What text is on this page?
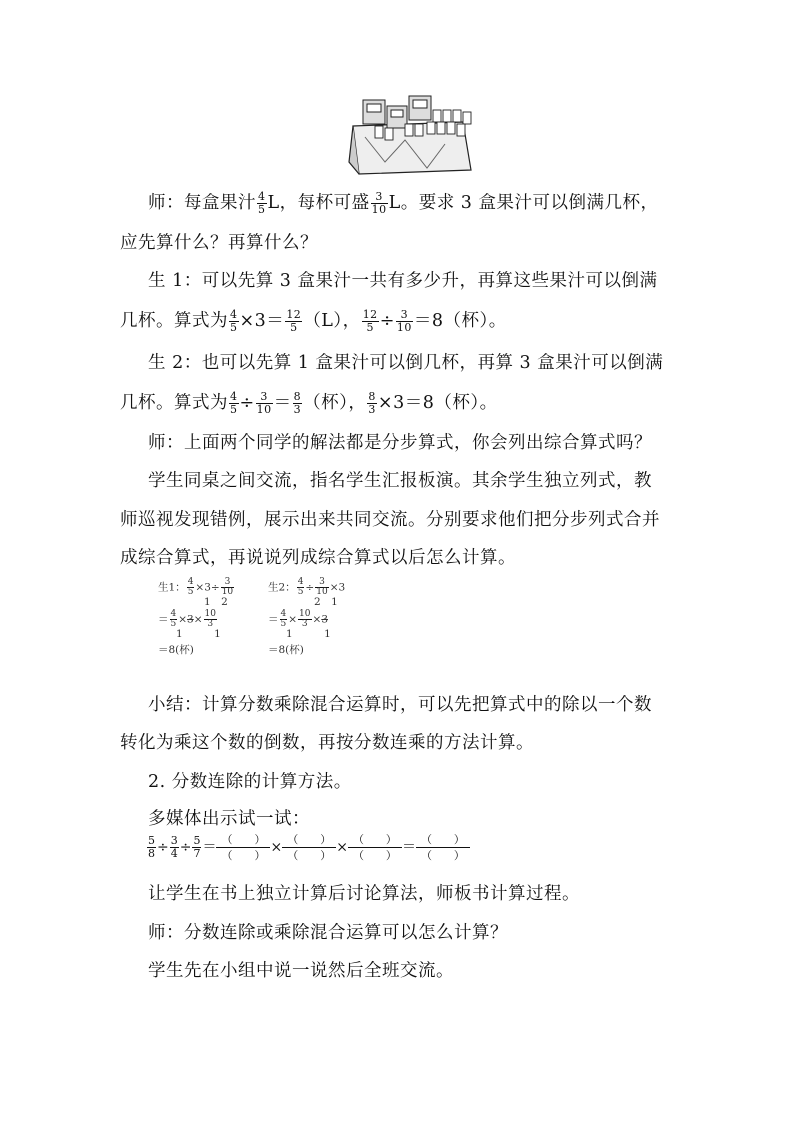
师：每盒果汁 $\frac{4}{5}$ L，每杯可盛 $\frac{3}{10}$ L。要求 3 盒果汁可以倒满几杯，
应先算什么？再算什么？
生 1：可以先算 3 盒果汁一共有多少升，再算这些果汁可以倒满
几杯。算式为 $\frac{4}{5} \times 3= \frac{12}{5} (L)$， $\frac{12}{5} \div \frac{3}{10} =8$（杯）。
生 2：也可以先算 1 盒果汁可以倒几杯，再算 3 盒果汁可以倒满
几杯。算式为 $\frac{4}{5} \div \frac{3}{10} = \frac{8}{3}$ （杯）， $\frac{8}{3} \times 3=8$（杯）。
师：上面两个同学的解法都是分步算式，你会列出综合算式吗？
学生同桌之间交流，指名学生汇报板演。其余学生独立列式，教
师巡视发现错例，展示出来共同交流。分别要求他们把分步列式合并
成综合算式，再说说列成综合算式以后怎么计算。
生1： $\frac{4}{5} \times 3\div \frac{3}{10}$
1　2
＝ $\frac{4}{5} \times 3\times \frac{10}{3}$
1　　　1
＝8(杯)
生2： $\frac{4}{5} \div \frac{3}{10} \times 3$
2　1
＝ $\frac{4}{5} \times \frac{10}{3} \times 3$
1　　　1
＝8(杯)
小结：计算分数乘除混合运算时，可以先把算式中的除以一个数
转化为乘这个数的倒数，再按分数连乘的方法计算。
2. 分数连除的计算方法。
多媒体出示试一试：
$\frac{5}{8} \div \frac{3}{4} \div \frac{5}{7}$ ＝ （　　）
（　　） × （　　）
（　　） × （　　）
（　　） ＝ （　　）
（　　）
让学生在书上独立计算后讨论算法，师板书计算过程。
师：分数连除或乘除混合运算可以怎么计算？
学生先在小组中说一说然后全班交流。
